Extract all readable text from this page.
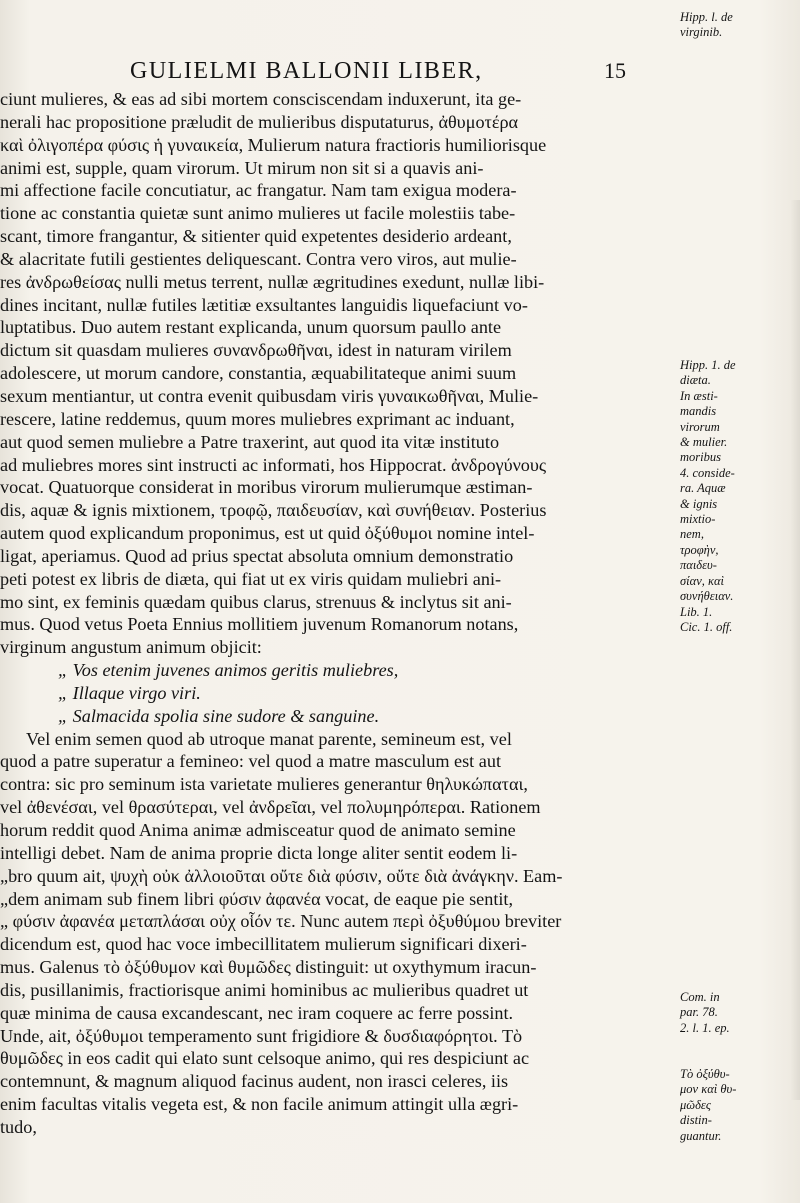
GULIELMI BALLONII LIBER,	15
ciunt mulieres, & eas ad sibi mortem consciscendam induxerunt, ita ge-
nerali hac propositione præludit de mulieribus disputaturus, ἀθυμοτέρα
καὶ ὀλιγοπέρα φύσις ἡ γυναικεία, Mulierum natura fractioris humiliorisque
animi est, supple, quam virorum. Ut mirum non sit si a quavis ani-
mi affectione facile concutiatur, ac frangatur. Nam tam exigua modera-
tione ac constantia quietæ sunt animo mulieres ut facile molestiis tabe-
scant, timore frangantur, & sitienter quid expetentes desiderio ardeant,
& alacritate futili gestientes deliquescant. Contra vero viros, aut mulie-
res ἀνδρωθείσας nulli metus terrent, nullæ ægritudines exedunt, nullæ libi-
dines incitant, nullæ futiles lætitiæ exsultantes languidis liquefaciunt vo-
luptatibus. Duo autem restant explicanda, unum quorsum paullo ante
dictum sit quasdam mulieres συνανδρωθῆναι, idest in naturam virilem
adolescere, ut morum candore, constantia, æquabilitateque animi suum
sexum mentiantur, ut contra evenit quibusdam viris γυναικωθῆναι, Mulie-
rescere, latine reddemus, quum mores muliebres exprimant ac induant,
aut quod semen muliebre a Patre traxerint, aut quod ita vitæ instituto
ad muliebres mores sint instructi ac informati, hos Hippocrat. ἀνδρογύνους
vocat. Quatuorque considerat in moribus virorum mulierumque æstiman-
dis, aquæ & ignis mixtionem, τροφῷ, παιδευσίαν, καὶ συνήθειαν. Posterius
autem quod explicandum proponimus, est ut quid ὀξύθυμοι nomine intel-
ligat, aperiamus. Quod ad prius spectat absoluta omnium demonstratio
peti potest ex libris de diæta, qui fiat ut ex viris quidam muliebri ani-
mo sint, ex feminis quædam quibus clarus, strenuus & inclytus sit ani-
mus. Quod vetus Poeta Ennius mollitiem juvenum Romanorum notans,
virginum angustum animum objicit:
„ Vos etenim juvenes animos geritis muliebres,
„ Illaque virgo viri.
„ Salmacida spolia sine sudore & sanguine.
Vel enim semen quod ab utroque manat parente, semineum est, vel
quod a patre superatur a femineo: vel quod a matre masculum est aut
contra: sic pro seminum ista varietate mulieres generantur θηλυκώπαται,
vel ἀθενέσαι, vel θρασύτεραι, vel ἀνδρεῖαι, vel πολυμηρόπεραι. Rationem
horum reddit quod Anima animæ admisceatur quod de animato semine
intelligi debet. Nam de anima proprie dicta longe aliter sentit eodem li-
„bro quum ait, ψυχὴ οὐκ ἀλλοιοῦται οὔτε διὰ φύσιν, οὔτε διὰ ἀνάγκην. Eam-
„dem animam sub finem libri φύσιν ἀφανέα vocat, de eaque pie sentit,
„ φύσιν ἀφανέα μεταπλάσαι οὐχ οἷόν τε. Nunc autem περὶ ὀξυθύμου breviter
dicendum est, quod hac voce imbecillitatem mulierum significari dixeri-
mus. Galenus τὸ ὀξύθυμον καὶ θυμῶδες distinguit: ut oxythymum iracun-
dis, pusillanimis, fractiorisque animi hominibus ac mulieribus quadret ut
quæ minima de causa excandescant, nec iram coquere ac ferre possint.
Unde, ait, ὀξύθυμοι temperamento sunt frigidiore & δυσδιαφόρητοι. Τὸ
θυμῶδες in eos cadit qui elato sunt celsoque animo, qui res despiciunt ac
contemnunt, & magnum aliquod facinus audent, non irasci celeres, iis
enim facultas vitalis vegeta est, & non facile animum attingit ulla ægri-
tudo,

Hipp. l. de
virginib.

Hipp. 1. de
diæta.
In æsti-
mandis
virorum
& mulier.
moribus
4. conside-
ra. Aquæ
& ignis
mixtio-
nem,
τροφὴν,
παιδευ-
σίαν, καὶ
συνήθειαν.
Lib. 1.
Cic. 1. off.

Com. in
par. 78.
2. l. 1. ep.

Τὸ ὀξύθυ-
μον καὶ θυ-
μῶδες
distin-
guantur.
